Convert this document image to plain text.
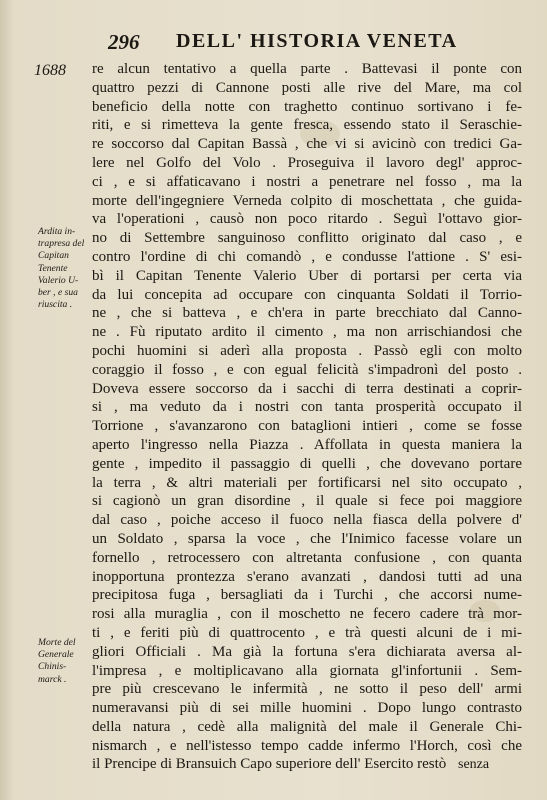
296 DELL' HISTORIA VENETA
1688
Ardita in-
trapresa del
Capitan
Tenente
Valerio U-
ber , e sua
riuscita .
Morte del
Generale
Chinis-
marck .
re alcun tentativo a quella parte . Battevasi il ponte con
quattro pezzi di Cannone posti alle rive del Mare, ma col
beneficio della notte con traghetto continuo sortivano i fe-
riti, e si rimetteva la gente fresca, essendo stato il Seraschie-
re soccorso dal Capitan Bassà , che vi si avicinò con tredici Ga-
lere nel Golfo del Volo . Proseguiva il lavoro degl' approc-
ci , e si affaticavano i nostri a penetrare nel fosso , ma la
morte dell'ingegniere Verneda colpito di moschettata , che guida-
va l'operationi , causò non poco ritardo . Seguì l'ottavo gior-
no di Settembre sanguinoso conflitto originato dal caso , e
contro l'ordine di chi comandò , e condusse l'attione . S' esi-
bì il Capitan Tenente Valerio Uber di portarsi per certa via
da lui concepita ad occupare con cinquanta Soldati il Torrio-
ne , che si batteva , e ch'era in parte brecchiato dal Canno-
ne . Fù riputato ardito il cimento , ma non arrischiandosi che
pochi huomini si aderì alla proposta . Passò egli con molto
coraggio il fosso , e con egual felicità s'impadronì del posto .
Doveva essere soccorso da i sacchi di terra destinati a coprir-
si , ma veduto da i nostri con tanta prosperità occupato il
Torrione , s'avanzarono con bataglioni intieri , come se fosse
aperto l'ingresso nella Piazza . Affollata in questa maniera la
gente , impedito il passaggio di quelli , che dovevano portare
la terra , & altri materiali per fortificarsi nel sito occupato ,
si cagionò un gran disordine , il quale si fece poi maggiore
dal caso , poiche acceso il fuoco nella fiasca della polvere d'
un Soldato , sparsa la voce , che l'Inimico facesse volare un
fornello , retrocessero con altretanta confusione , con quanta
inopportuna prontezza s'erano avanzati , dandosi tutti ad una
precipitosa fuga , bersagliati da i Turchi , che accorsi nume-
rosi alla muraglia , con il moschetto ne fecero cadere trà mor-
ti , e feriti più di quattrocento , e trà questi alcuni de i mi-
gliori Officiali . Ma già la fortuna s'era dichiarata aversa al-
l'impresa , e moltiplicavano alla giornata gl'infortunii . Sem-
pre più crescevano le infermità , ne sotto il peso dell' armi
numeravansi più di sei mille huomini . Dopo lungo contrasto
della natura , cedè alla malignità del male il Generale Chi-
nismarch , e nell'istesso tempo cadde infermo l'Horch, così che
il Prencipe di Bransuich Capo superiore dell' Esercito restò senza
